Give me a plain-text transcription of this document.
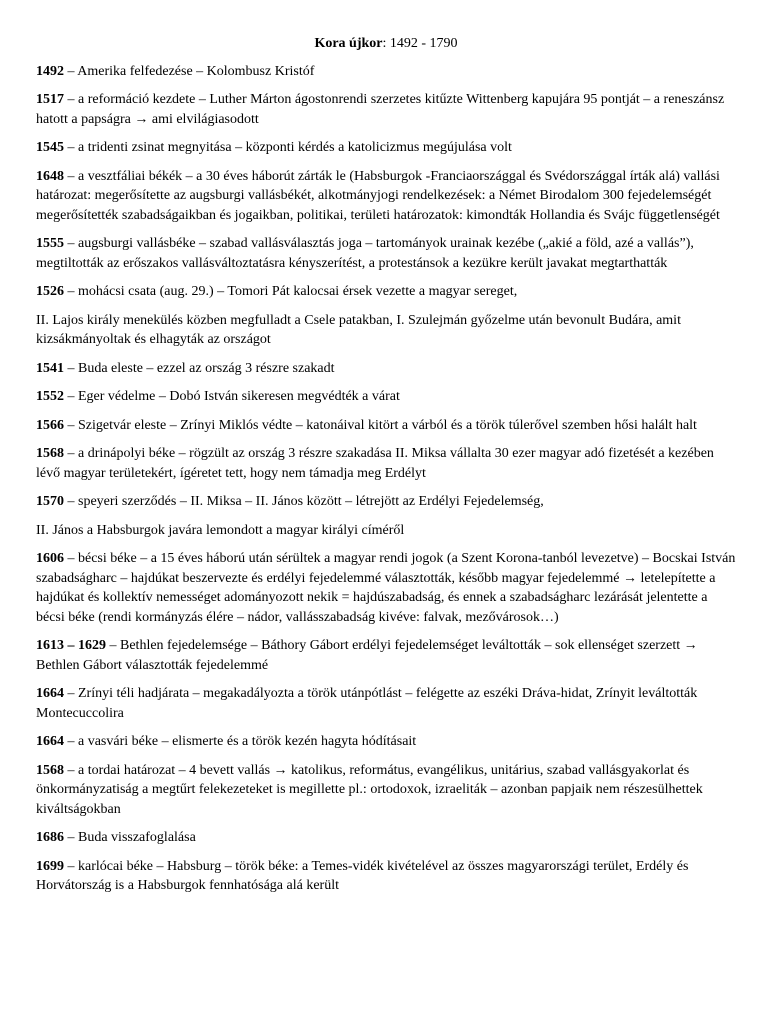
Kora újkor: 1492 - 1790

1492 – Amerika felfedezése – Kolombusz Kristóf

1517 – a reformáció kezdete – Luther Márton ágostonrendi szerzetes kitűzte Wittenberg kapujára 95 pontját – a reneszánsz hatott a papságra → ami elvilágiasodott

1545 – a tridenti zsinat megnyitása – központi kérdés a katolicizmus megújulása volt

1648 – a vesztfáliai békék – a 30 éves háborút zárták le (Habsburgok -Franciaországgal és Svédországgal írták alá) vallási határozat: megerősítette az augsburgi vallásbékét, alkotmányjogi rendelkezések: a Német Birodalom 300 fejedelemségét megerősítették szabadságaikban és jogaikban, politikai, területi határozatok: kimondták Hollandia és Svájc függetlenségét

1555 – augsburgi vallásbéke – szabad vallásválasztás joga – tartományok urainak kezébe („akié a föld, azé a vallás”), megtiltották az erőszakos vallásváltoztatásra kényszerítést, a protestánsok a kezükre került javakat megtarthatták

1526 – mohácsi csata (aug. 29.) – Tomori Pát kalocsai érsek vezette a magyar sereget,

II. Lajos király menekülés közben megfulladt a Csele patakban, I. Szulejmán győzelme után bevonult Budára, amit kizsákmányoltak és elhagyták az országot

1541 – Buda eleste – ezzel az ország 3 részre szakadt

1552 – Eger védelme – Dobó István sikeresen megvédték a várat

1566 – Szigetvár eleste – Zrínyi Miklós védte – katonáival kitört a várból és a török túlerővel szemben hősi halált halt

1568 – a drinápolyi béke – rögzült az ország 3 részre szakadása II. Miksa vállalta 30 ezer magyar adó fizetését a kezében lévő magyar területekért, ígéretet tett, hogy nem támadja meg Erdélyt

1570 – speyeri szerződés – II. Miksa – II. János között – létrejött az Erdélyi Fejedelemség,

II. János a Habsburgok javára lemondott a magyar királyi címéről

1606 – bécsi béke – a 15 éves háború után sérültek a magyar rendi jogok (a Szent Korona-tanból levezetve) – Bocskai István szabadságharc – hajdúkat beszervezte és erdélyi fejedelemmé választották, később magyar fejedelemmé → letelepítette a hajdúkat és kollektív nemességet adományozott nekik = hajdúszabadság, és ennek a szabadságharc lezárását jelentette a bécsi béke (rendi kormányzás élére – nádor, vallásszabadság kivéve: falvak, mezővárosok…)

1613 – 1629 – Bethlen fejedelemsége – Báthory Gábort erdélyi fejedelemséget leváltották – sok ellenséget szerzett → Bethlen Gábort választották fejedelemmé

1664 – Zrínyi téli hadjárata – megakadályozta a török utánpótlást – felégette az eszéki Dráva-hidat, Zrínyit leváltották Montecuccolira

1664 – a vasvári béke – elismerte és a török kezén hagyta hódításait

1568 – a tordai határozat – 4 bevett vallás → katolikus, református, evangélikus, unitárius, szabad vallásgyakorlat és önkormányzatiság a megtűrt felekezeteket is megillette pl.: ortodoxok, izraeliták – azonban papjaik nem részesülhettek kiváltságokban

1686 – Buda visszafoglalása

1699 – karlócai béke – Habsburg – török béke: a Temes-vidék kivételével az összes magyarországi terület, Erdély és Horvátország is a Habsburgok fennhatósága alá került
